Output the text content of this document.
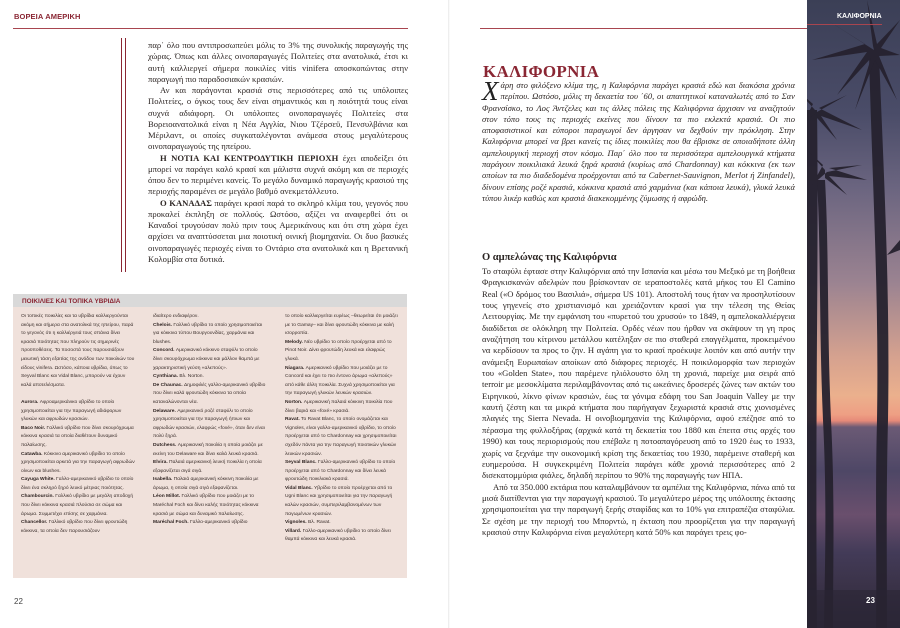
ΒΟΡΕΙΑ ΑΜΕΡΙΚΗ

παρ΄ όλο που αντιπροσωπεύει μόλις το 3% της συνολικής παραγωγής της χώρας. Όπως και άλλες οινοπαραγωγές Πολιτείες στα ανατολικά, έτσι κι αυτή καλλιεργεί σήμερα ποικιλίες vitis vinifera αποσκοπώντας στην παραγωγή πιο παραδοσιακών κρασιών.

Αν και παράγονται κρασιά στις περισσότερες από τις υπόλοιπες Πολιτείες, ο όγκος τους δεν είναι σημαντικός και η ποιότητά τους είναι συχνά αδιάφορη. Οι υπόλοιπες οινοπαραγωγές Πολιτείες στα Βορειοανατολικά είναι η Νέα Αγγλία, Νιου Τζέρσεϋ, Πενσυλβάνια και Μέριλαντ, οι οποίες συγκαταλέγονται ανάμεσα στους μεγαλύτερους οινοπαραγωγούς της ηπείρου.

Η ΝΟΤΙΑ ΚΑΙ ΚΕΝΤΡΟΔΥΤΙΚΗ ΠΕΡΙΟΧΗ έχει αποδείξει ότι μπορεί να παράγει καλό κρασί και μάλιστα συχνά ακόμη και σε περιοχές όπου δεν το περιμένει κανείς. Το μεγάλο δυναμικό παραγωγής κρασιού της περιοχής παραμένει σε μεγάλο βαθμό ανεκμετάλλευτο.

Ο ΚΑΝΑΔΑΣ παράγει κρασί παρά το σκληρό κλίμα του, γεγονός που προκαλεί έκπληξη σε πολλούς. Ωστόσο, αξίζει να αναφερθεί ότι οι Καναδοί τρυγούσαν πολύ πριν τους Αμερικάνους και ότι στη χώρα έχει αρχίσει να αναπτύσσεται μια ποιοτική οινική βιομηχανία. Οι δυο βασικές οινοπαραγωγές περιοχές είναι το Οντάριο στα ανατολικά και η Βρετανική Κολομβία στα δυτικά.

ΠΟΙΚΙΛΙΕΣ ΚΑΙ ΤΟΠΙΚΑ ΥΒΡΙΔΙΑ

Οι τοπικές ποικιλίες και τα υβρίδια καλλιεργούνται ακόμη και σήμερα στα ανατολικά της ηπείρου, παρά το γεγονός ότι η καλλιέργειά τους σπάνια δίνει κρασιά ποιότητας που πληρούν τις σημερινές προϋποθέσεις. Τα ποσοστά τους παρουσιάζουν μειωτική τάση εξαιτίας της ανόδου των ποικιλιών του είδους vinifera. Ωστόσο, κάποια υβρίδια, όπως το Seyval Blanc και Vidal Blanc, μπορούν να έχουν καλά αποτελέσματα.

Aurora. Αφροαμερικάνικο υβρίδιο το οποίο χρησιμοποιείται για την παραγωγή αδιάφορων γλυκών και αφρωδών κρασιών.

Baco Noir. Γαλλικό υβρίδιο που δίνει σκουρόχρωμα κόκκινα κρασιά τα οποία διαθέτουν δυναμικό παλαίωσης.

Catawba. Κόκκινο αμερικανικό υβρίδιο το οποίο χρησιμοποιείται αρκετά για την παραγωγή αφρωδών οίνων και blushes.

Cayuga White. Γαλλο-αμερικανικό υβρίδιο το οποίο δίνει ένα σκληρό ξηρό λευκό μέτριας ποιότητας.

Chambourcin. Γαλλικό υβρίδιο με μεγάλη αποδοχή που δίνει κόκκινα κρασιά πλούσια σε σώμα και άρωμα. Συμμετέχει επίσης σε χαρμάνια.

Chancellor. Γαλλικό υβρίδιο που δίνει φρουτώδη κόκκινα, τα οποία δεν παρουσιάζουν

ιδιαίτερο ενδιαφέρον.

Chelois. Γαλλικό υβρίδιο το οποίο χρησιμοποιείται για κόκκινα τύπου Βουργουνδίας, χαρμάνια και blushes.

Concord. Αμερικανικό κόκκινο σταφύλι το οποίο δίνει σκουρόχρωμα κόκκινα και μάλλον θαμπά με χαρακτηριστική γεύση «αλεπούς».

Cynthiana. Βλ. Norton.

De Chaunac. Δημοφιλές γαλλο-αμερικανικό υβρίδιο που δίνει καλά φρουτώδη κόκκινα τα οποία καταναλώνονται νέα.

Delaware. Αμερικανικό ροζέ σταφύλι το οποίο χρησιμοποιείται για την παραγωγή ήπιων και αφρωδών κρασιών, ελαφρώς «foxé», όταν δεν είναι πολύ ξηρά.

Dutchess. Αμερικανική ποικιλία η οποία μοιάζει με εκείνη του Delaware και δίνει καλά λευκά κρασιά.

Elvira. Παλαιά αμερικανική λευκή ποικιλία η οποία εξαφανίζεται σιγά σιγά.

Isabella. Παλαιά αμερικανική κόκκινη ποικιλία με άρωμα, η οποία σιγά σιγά εξαφανίζεται.

Léon Millot. Γαλλικό υβρίδιο που μοιάζει με το Maréchal Foch και δίνει καλής ποιότητας κόκκινα κρασιά με σώμα και δυναμικό παλαίωσης.

Maréchal Foch. Γαλλο-αμερικανικό υβρίδιο

το οποίο καλλιεργείται ευρέως –θεωρείται ότι μοιάζει με το Gamay– και δίνει φρουτώδη κόκκινα με καλή ισορροπία.

Melody. Νέο υβρίδιο το οποίο προέρχεται από το Pinot Noir. Δίνει φρουτώδη λευκά και ελαφρώς γλυκά.

Niagara. Αμερικανικό υβρίδιο που μοιάζει με το Concord και έχει το πιο έντονο άρωμα «αλεπούς» από κάθε άλλη ποικιλία. Συχνά χρησιμοποιείται για την παραγωγή γλυκών λευκών κρασιών.

Norton. Αμερικανική παλαιά κόκκινη ποικιλία που δίνει βαριά και «foxé» κρασιά.

Ravat. Το Ravat Blanc, το οποίο ονομάζεται και Vignoles, είναι γαλλο-αμερικανικό υβρίδιο, το οποίο προέρχεται από το Chardonnay και χρησιμοποιείται σχεδόν πάντα για την παραγωγή ποιοτικών γλυκών λευκών κρασιών.

Seyval Blanc. Γαλλο-αμερικανικό υβρίδιο το οποίο προέρχεται από το Chardonnay και δίνει λευκά φρουτώδη ποικιλιακά κρασιά.

Vidal Blanc. Υβρίδιο το οποίο προέρχεται από το Ugni Blanc και χρησιμοποιείται για την παραγωγή καλών κρασιών, συμπεριλαμβανομένων των παγωμένων κρασιών.

Vignoles. Βλ. Ravat.

Villard. Γαλλο-αμερικανικό υβρίδιο το οποίο δίνει θαμπά κόκκινα και λευκά κρασιά.

22
ΚΑΛΙΦΟΡΝΙΑ
Χάρη στο φιλόξενο κλίμα της, η Καλιφόρνια παράγει κρασιά εδώ και διακόσια χρόνια περίπου. Ωστόσο, μόλις τη δεκαετία του ΄60, οι απαιτητικοί καταναλωτές από το Σαν Φρανσίσκο, το Λος Άντζελες και τις άλλες πόλεις της Καλιφόρνια άρχισαν να αναζητούν στον τόπο τους τις περιοχές εκείνες που δίνουν τα πιο εκλεκτά κρασιά. Οι πιο αποφασιστικοί και εύποροι παραγωγοί δεν άργησαν να δεχθούν την πρόκληση. Στην Καλιφόρνια μπορεί να βρει κανείς τις ίδιες ποικιλίες που θα έβρισκε σε οποιαδήποτε άλλη αμπελουργική περιοχή στον κόσμο. Παρ΄ όλο που τα περισσότερα αμπελουργικά κτήματα παράγουν ποικιλιακά λευκά ξηρά κρασιά (κυρίως από Chardonnay) και κόκκινα (εκ των οποίων τα πιο διαδεδομένα προέρχονται από τα Cabernet-Sauvignon, Merlot ή Zinfandel), δίνουν επίσης ροζέ κρασιά, κόκκινα κρασιά από χαρμάνια (και κάποια λευκά), γλυκά λευκά τύπου λικέρ καθώς και κρασιά διακεκομμένης ζύμωσης ή αφρώδη.
Ο αμπελώνας της Καλιφόρνια

Το σταφύλι έφτασε στην Καλιφόρνια από την Ισπανία και μέσω του Μεξικό με τη βοήθεια Φραγκισκανών αδελφών που βρίσκονταν σε ιεραποστολές κατά μήκος του El Camino Real («Ο δρόμος του Βασιλιά», σήμερα US 101). Αποστολή τους ήταν να προσηλυτίσουν τους γηγενείς στο χριστιανισμό και χρειάζονταν κρασί για την τέλεση της Θείας Λειτουργίας. Με την εμφάνιση του «πυρετού του χρυσού» το 1849, η αμπελοκαλλιέργεια διαδίδεται σε ολόκληρη την Πολιτεία. Ορδές νέων που ήρθαν να σκάψουν τη γη προς αναζήτηση του κίτρινου μετάλλου κατέληξαν σε πιο σταθερά επαγγέλματα, προκειμένου να κερδίσουν τα προς το ζην. Η αγάπη για το κρασί προέκυψε λοιπόν και από αυτήν την ανάμειξη Ευρωπαίων αποίκων από διάφορες περιοχές. Η ποικιλομορφία των περιοχών του «Golden State», που παρέμενε ηλιόλουστο όλη τη χρονιά, παρείχε μια σειρά από terroir με μεσοκλίματα περιλαμβάνοντας από τις ωκεάνιες δροσερές ζώνες των ακτών του Ειρηνικού, λίκνο φίνων κρασιών, έως τα γόνιμα εδάφη του San Joaquin Valley με την καυτή ζέστη και τα μικρά κτήματα που παρήγαγαν ξεχωριστά κρασιά στις χιονισμένες πλαγιές της Sierra Nevada. Η οινοβιομηχανία της Καλιφόρνια, αφού επέζησε από το πέρασμα της φυλλοξήρας (αρχικά κατά τη δεκαετία του 1880 και έπειτα στις αρχές του 1990) και τους περιορισμούς που επέβαλε η ποτοαπαγόρευση από το 1920 έως το 1933, χωρίς να ξεχνάμε την οικονομική κρίση της δεκαετίας του 1930, παρέμεινε σταθερή και ευημερούσα. Η συγκεκριμένη Πολιτεία παράγει κάθε χρονιά περισσότερες από 2 δισεκατομμύρια φιάλες, δηλαδή περίπου το 90% της παραγωγής των ΗΠΑ.

Από τα 350.000 εκτάρια που καταλαμβάνουν τα αμπέλια της Καλιφόρνια, πάνω από τα μισά διατίθενται για την παραγωγή κρασιού. Το μεγαλύτερο μέρος της υπόλοιπης έκτασης χρησιμοποιείται για την παραγωγή ξερής σταφίδας και το 10% για επιτραπέζια σταφύλια. Σε σχέση με την περιοχή του Μπορντώ, η έκταση που προορίζεται για την παραγωγή κρασιού στην Καλιφόρνια είναι μεγαλύτερη κατά 50% και παράγει τρεις φο-

ΚΑΛΙΦΟΡΝΙΑ
23
